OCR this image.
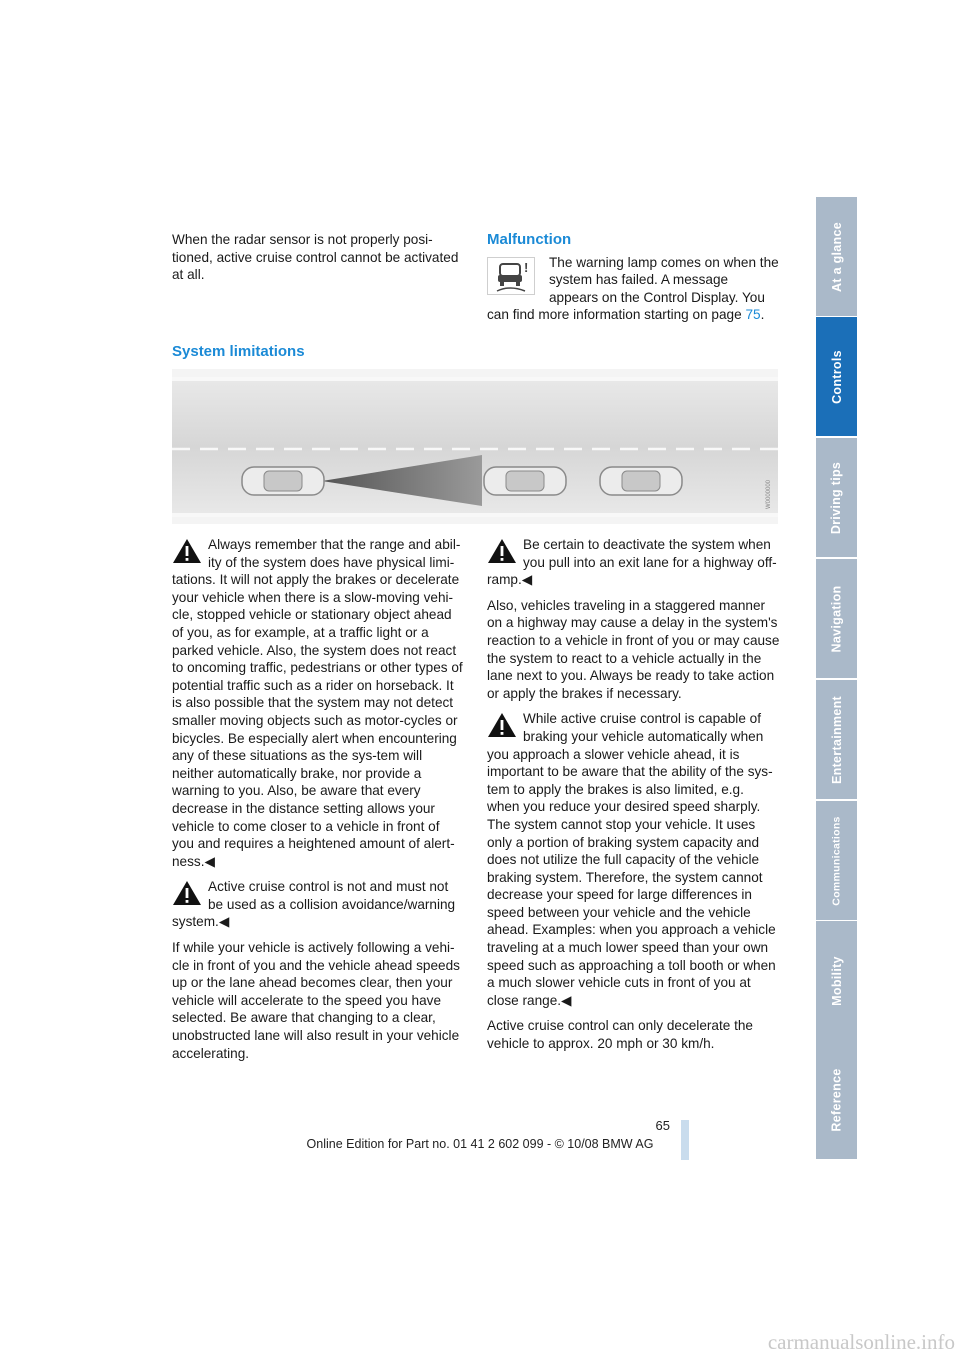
When the radar sensor is not properly posi-tioned, active cruise control cannot be activated at all.

Malfunction
! The warning lamp comes on when the system has failed. A message appears on the Control Display. You can find more information starting on page 75.
System limitations
W0000000

Always remember that the range and abil-ity of the system does have physical limi-tations. It will not apply the brakes or decelerate your vehicle when there is a slow-moving vehi-cle, stopped vehicle or stationary object ahead of you, as for example, at a traffic light or a parked vehicle. Also, the system does not react to oncoming traffic, pedestrians or other types of potential traffic such as a rider on horseback. It is also possible that the system may not detect smaller moving objects such as motor-cycles or bicycles. Be especially alert when encountering any of these situations as the sys-tem will neither automatically brake, nor provide a warning to you. Also, be aware that every decrease in the distance setting allows your vehicle to come closer to a vehicle in front of you and requires a heightened amount of alert-ness.◀

Active cruise control is not and must not be used as a collision avoidance/warning system.◀

If while your vehicle is actively following a vehi-cle in front of you and the vehicle ahead speeds up or the lane ahead becomes clear, then your vehicle will accelerate to the speed you have selected. Be aware that changing to a clear, unobstructed lane will also result in your vehicle accelerating.

Be certain to deactivate the system when you pull into an exit lane for a highway off-ramp.◀

Also, vehicles traveling in a staggered manner on a highway may cause a delay in the system's reaction to a vehicle in front of you or may cause the system to react to a vehicle actually in the lane next to you. Always be ready to take action or apply the brakes if necessary.

While active cruise control is capable of braking your vehicle automatically when you approach a slower vehicle ahead, it is important to be aware that the ability of the sys-tem to apply the brakes is also limited, e.g. when you reduce your desired speed sharply. The system cannot stop your vehicle. It uses only a portion of braking system capacity and does not utilize the full capacity of the vehicle braking system. Therefore, the system cannot decrease your speed for large differences in speed between your vehicle and the vehicle ahead. Examples: when you approach a vehicle traveling at a much lower speed than your own speed such as approaching a toll booth or when a much slower vehicle cuts in front of you at close range.◀

Active cruise control can only decelerate the vehicle to approx. 20 mph or 30 km/h.

At a glance
Controls
Driving tips
Navigation
Entertainment
Communications
Mobility
Reference
65
Online Edition for Part no. 01 41 2 602 099 - © 10/08 BMW AG
carmanualsonline.info
